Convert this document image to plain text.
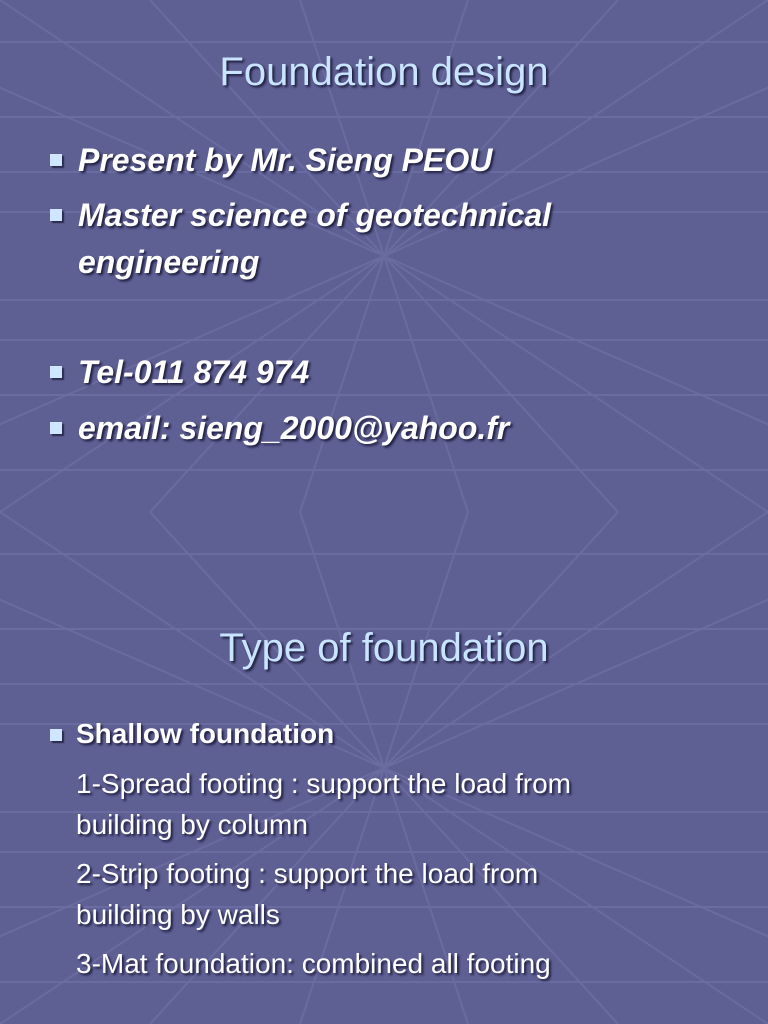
Foundation design
Present by Mr. Sieng PEOU
Master science of geotechnical
engineering
Tel-011 874 974
email: sieng_2000@yahoo.fr
Type of foundation
Shallow foundation
1-Spread footing : support the load from
building by column
2-Strip footing : support the load from
building by walls
3-Mat foundation: combined all footing
